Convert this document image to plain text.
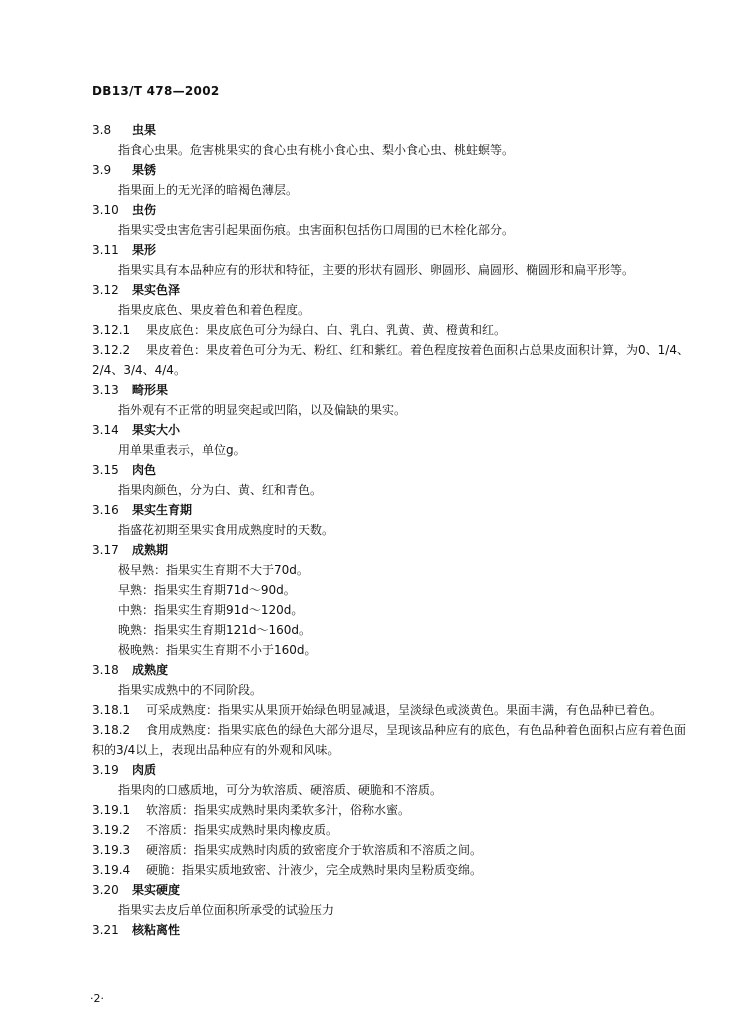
DB13/T 478—2002
3.8 虫果
指食心虫果。危害桃果实的食心虫有桃小食心虫、梨小食心虫、桃蛀螟等。
3.9 果锈
指果面上的无光泽的暗褐色薄层。
3.10 虫伤
指果实受虫害危害引起果面伤痕。虫害面积包括伤口周围的已木栓化部分。
3.11 果形
指果实具有本品种应有的形状和特征，主要的形状有圆形、卵圆形、扁圆形、椭圆形和扁平形等。
3.12 果实色泽
指果皮底色、果皮着色和着色程度。
3.12.1 果皮底色：果皮底色可分为绿白、白、乳白、乳黄、黄、橙黄和红。
3.12.2 果皮着色：果皮着色可分为无、粉红、红和紫红。着色程度按着色面积占总果皮面积计算，为0、1/4、2/4、3/4、4/4。
3.13 畸形果
指外观有不正常的明显突起或凹陷，以及偏缺的果实。
3.14 果实大小
用单果重表示，单位g。
3.15 肉色
指果肉颜色，分为白、黄、红和青色。
3.16 果实生育期
指盛花初期至果实食用成熟度时的天数。
3.17 成熟期
极早熟：指果实生育期不大于70d。
早熟：指果实生育期71d～90d。
中熟：指果实生育期91d～120d。
晚熟：指果实生育期121d～160d。
极晚熟：指果实生育期不小于160d。
3.18 成熟度
指果实成熟中的不同阶段。
3.18.1 可采成熟度：指果实从果顶开始绿色明显减退，呈淡绿色或淡黄色。果面丰满，有色品种已着色。
3.18.2 食用成熟度：指果实底色的绿色大部分退尽，呈现该品种应有的底色，有色品种着色面积占应有着色面积的3/4以上，表现出品种应有的外观和风味。
3.19 肉质
指果肉的口感质地，可分为软溶质、硬溶质、硬脆和不溶质。
3.19.1 软溶质：指果实成熟时果肉柔软多汁，俗称水蜜。
3.19.2 不溶质：指果实成熟时果肉橡皮质。
3.19.3 硬溶质：指果实成熟时肉质的致密度介于软溶质和不溶质之间。
3.19.4 硬脆：指果实质地致密、汁液少，完全成熟时果肉呈粉质变绵。
3.20 果实硬度
指果实去皮后单位面积所承受的试验压力
3.21 核粘离性
·2·
